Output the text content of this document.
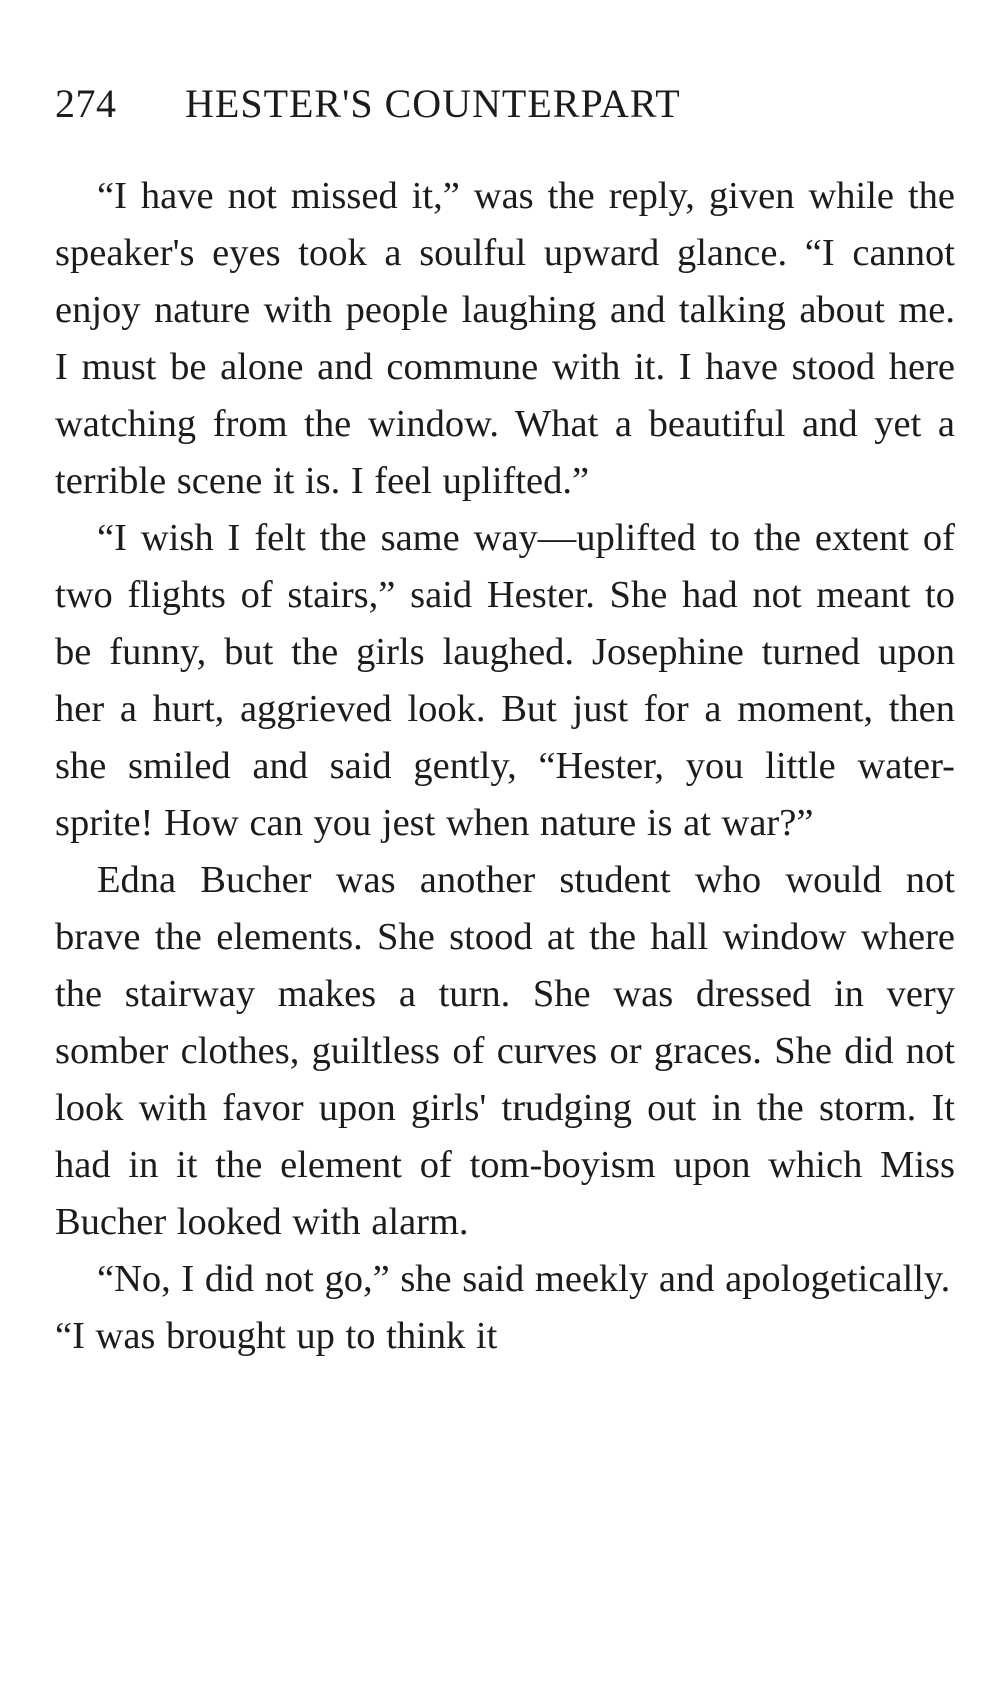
274	HESTER'S COUNTERPART

“I have not missed it,” was the reply, given while the speaker's eyes took a soulful upward glance. “I cannot enjoy nature with people laughing and talking about me. I must be alone and commune with it. I have stood here watching from the window. What a beautiful and yet a terrible scene it is. I feel uplifted.”

“I wish I felt the same way—uplifted to the extent of two flights of stairs,” said Hester. She had not meant to be funny, but the girls laughed. Josephine turned upon her a hurt, aggrieved look. But just for a moment, then she smiled and said gently, “Hester, you little water-sprite! How can you jest when nature is at war?”

Edna Bucher was another student who would not brave the elements. She stood at the hall window where the stairway makes a turn. She was dressed in very somber clothes, guiltless of curves or graces. She did not look with favor upon girls' trudging out in the storm. It had in it the element of tom-boyism upon which Miss Bucher looked with alarm.

“No, I did not go,” she said meekly and apologetically. “I was brought up to think it
